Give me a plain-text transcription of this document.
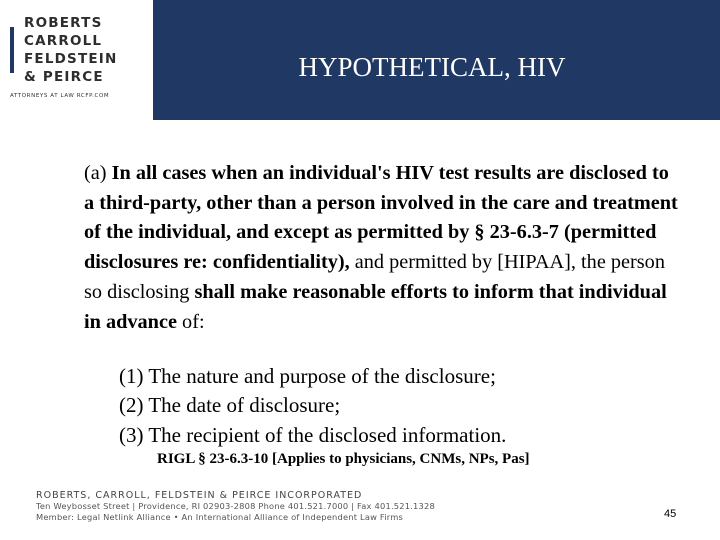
ROBERTS
CARROLL
FELDSTEIN
& PEIRCE
ATTORNEYS AT LAW RCFP.COM
HYPOTHETICAL, HIV
(a) In all cases when an individual's HIV test results are disclosed to a third-party, other than a person involved in the care and treatment of the individual, and except as permitted by § 23-6.3-7 (permitted disclosures re: confidentiality), and permitted by [HIPAA], the person so disclosing shall make reasonable efforts to inform that individual in advance of:
(1) The nature and purpose of the disclosure;
(2) The date of disclosure;
(3) The recipient of the disclosed information.
RIGL § 23-6.3-10 [Applies to physicians, CNMs, NPs, Pas]
ROBERTS, CARROLL, FELDSTEIN & PEIRCE INCORPORATED
Ten Weybosset Street | Providence, RI 02903-2808 Phone 401.521.7000 | Fax 401.521.1328
Member: Legal Netlink Alliance • An International Alliance of Independent Law Firms	45
